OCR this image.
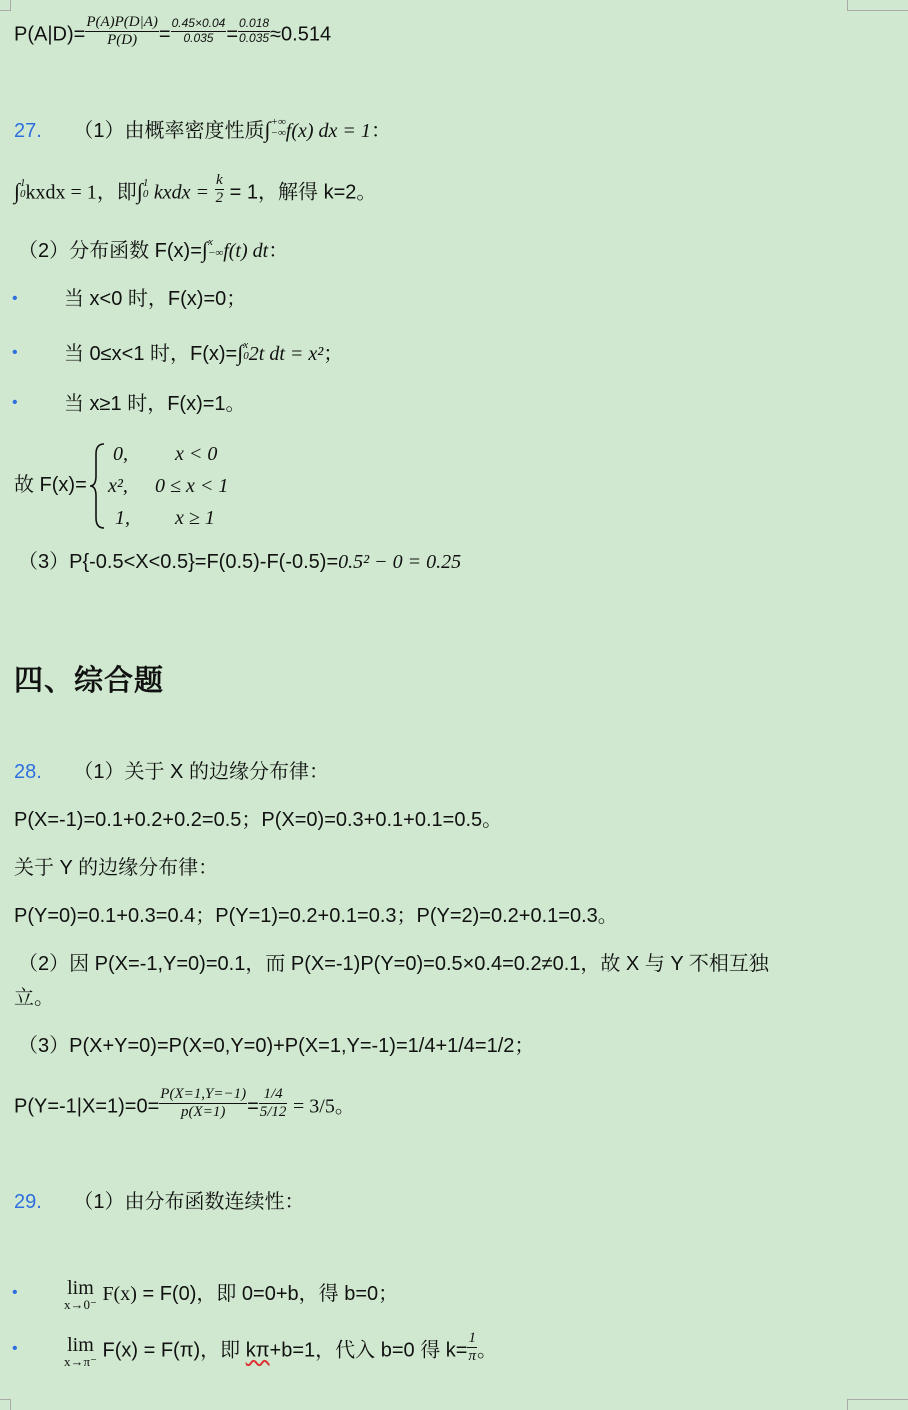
$P(A|D)= \frac{P(A)P(D|A)}{P(D)} = \frac{0.45\times 0.04}{0.035} = \frac{0.018}{0.035} \approx 0.514$
27. （1）由概率密度性质∫ +∞
−∞ f(x) dx = 1：
∫ 1
0 kxdx = 1，即∫ 1
0 kxdx = $\frac{k}{2} = 1$，解得 k=2。
（2）分布函数 F(x)=∫ x
−∞ f(t) dt：
• 当 x<0 时，F(x)=0；
• 当 0≤x<1 时，F(x)=∫ x
0 2t dt = x²；
• 当 x≥1 时，F(x)=1。
故 F(x)=
0, x < 0
x², 0 ≤ x < 1
1, x ≥ 1
（3）P{-0.5<X<0.5}=F(0.5)-F(-0.5)=0.5² − 0 = 0.25
四、综合题
28. （1）关于 X 的边缘分布律：
P(X=-1)=0.1+0.2+0.2=0.5；P(X=0)=0.3+0.1+0.1=0.5。
关于 Y 的边缘分布律：
P(Y=0)=0.1+0.3=0.4；P(Y=1)=0.2+0.1=0.3；P(Y=2)=0.2+0.1=0.3。
（2）因 P(X=-1,Y=0)=0.1，而 P(X=-1)P(Y=0)=0.5×0.4=0.2≠0.1，故 X 与 Y 不相互独
立。
（3）P(X+Y=0)=P(X=0,Y=0)+P(X=1,Y=-1)=1/4+1/4=1/2；
$P(Y=-1|X=1)=0= \frac{P(X=1,Y=-1)}{p(X=1)} = \frac{1/4}{5/12} = 3/5$。
29. （1）由分布函数连续性：
• lim
x→0⁻ F(x) = F(0)，即 0=0+b，得 b=0；
• lim
x→π⁻ F(x) = F(π)，即 kπ+b=1，代入 b=0 得 $k= \frac{1}{\pi}$ 。
